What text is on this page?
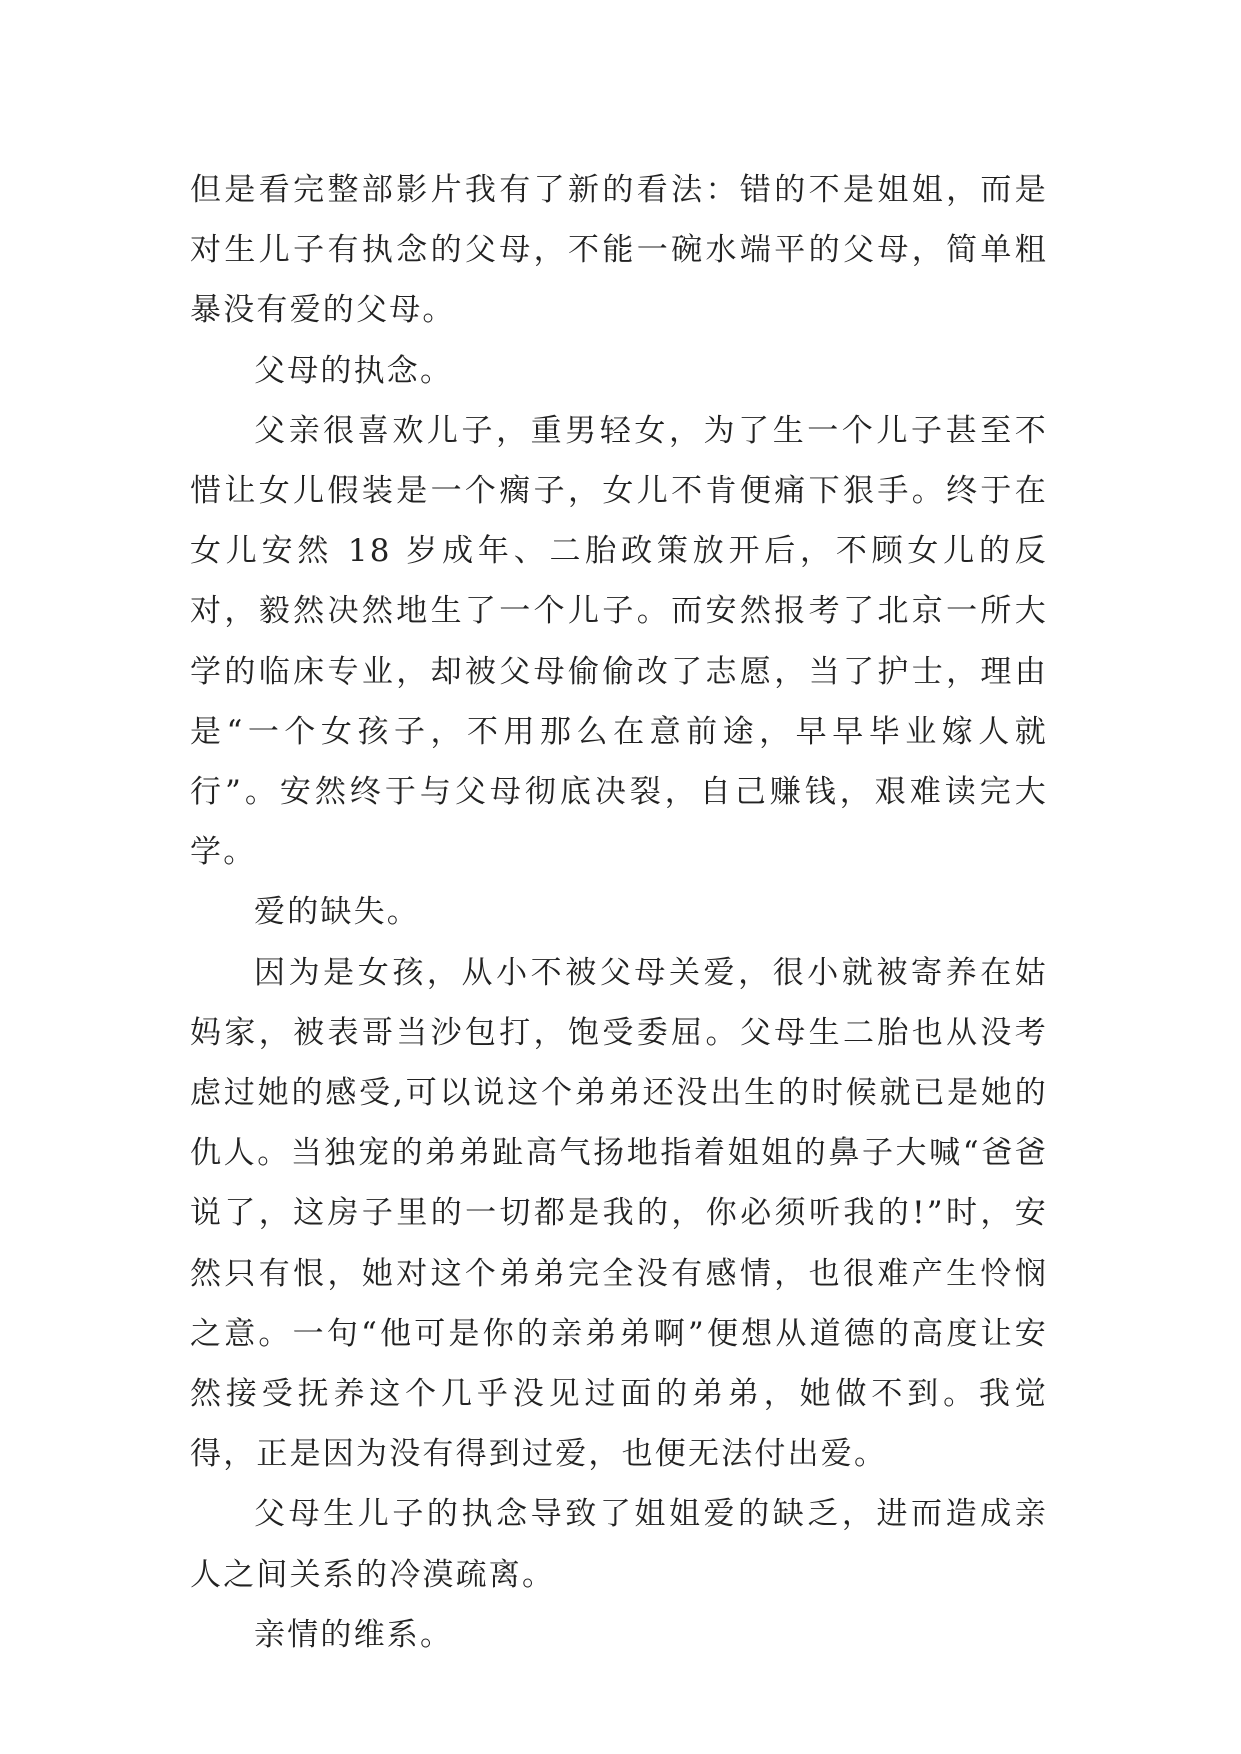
但是看完整部影片我有了新的看法：错的不是姐姐，而是对生儿子有执念的父母，不能一碗水端平的父母，简单粗暴没有爱的父母。

父母的执念。

父亲很喜欢儿子，重男轻女，为了生一个儿子甚至不惜让女儿假装是一个瘸子，女儿不肯便痛下狠手。终于在女儿安然 18 岁成年、二胎政策放开后，不顾女儿的反对，毅然决然地生了一个儿子。而安然报考了北京一所大学的临床专业，却被父母偷偷改了志愿，当了护士，理由是“一个女孩子，不用那么在意前途，早早毕业嫁人就行”。安然终于与父母彻底决裂，自己赚钱，艰难读完大学。

爱的缺失。

因为是女孩，从小不被父母关爱，很小就被寄养在姑妈家，被表哥当沙包打，饱受委屈。父母生二胎也从没考虑过她的感受,可以说这个弟弟还没出生的时候就已是她的仇人。当独宠的弟弟趾高气扬地指着姐姐的鼻子大喊“爸爸说了，这房子里的一切都是我的，你必须听我的!”时，安然只有恨，她对这个弟弟完全没有感情，也很难产生怜悯之意。一句“他可是你的亲弟弟啊”便想从道德的高度让安然接受抚养这个几乎没见过面的弟弟，她做不到。我觉得，正是因为没有得到过爱，也便无法付出爱。

父母生儿子的执念导致了姐姐爱的缺乏，进而造成亲人之间关系的冷漠疏离。

亲情的维系。
